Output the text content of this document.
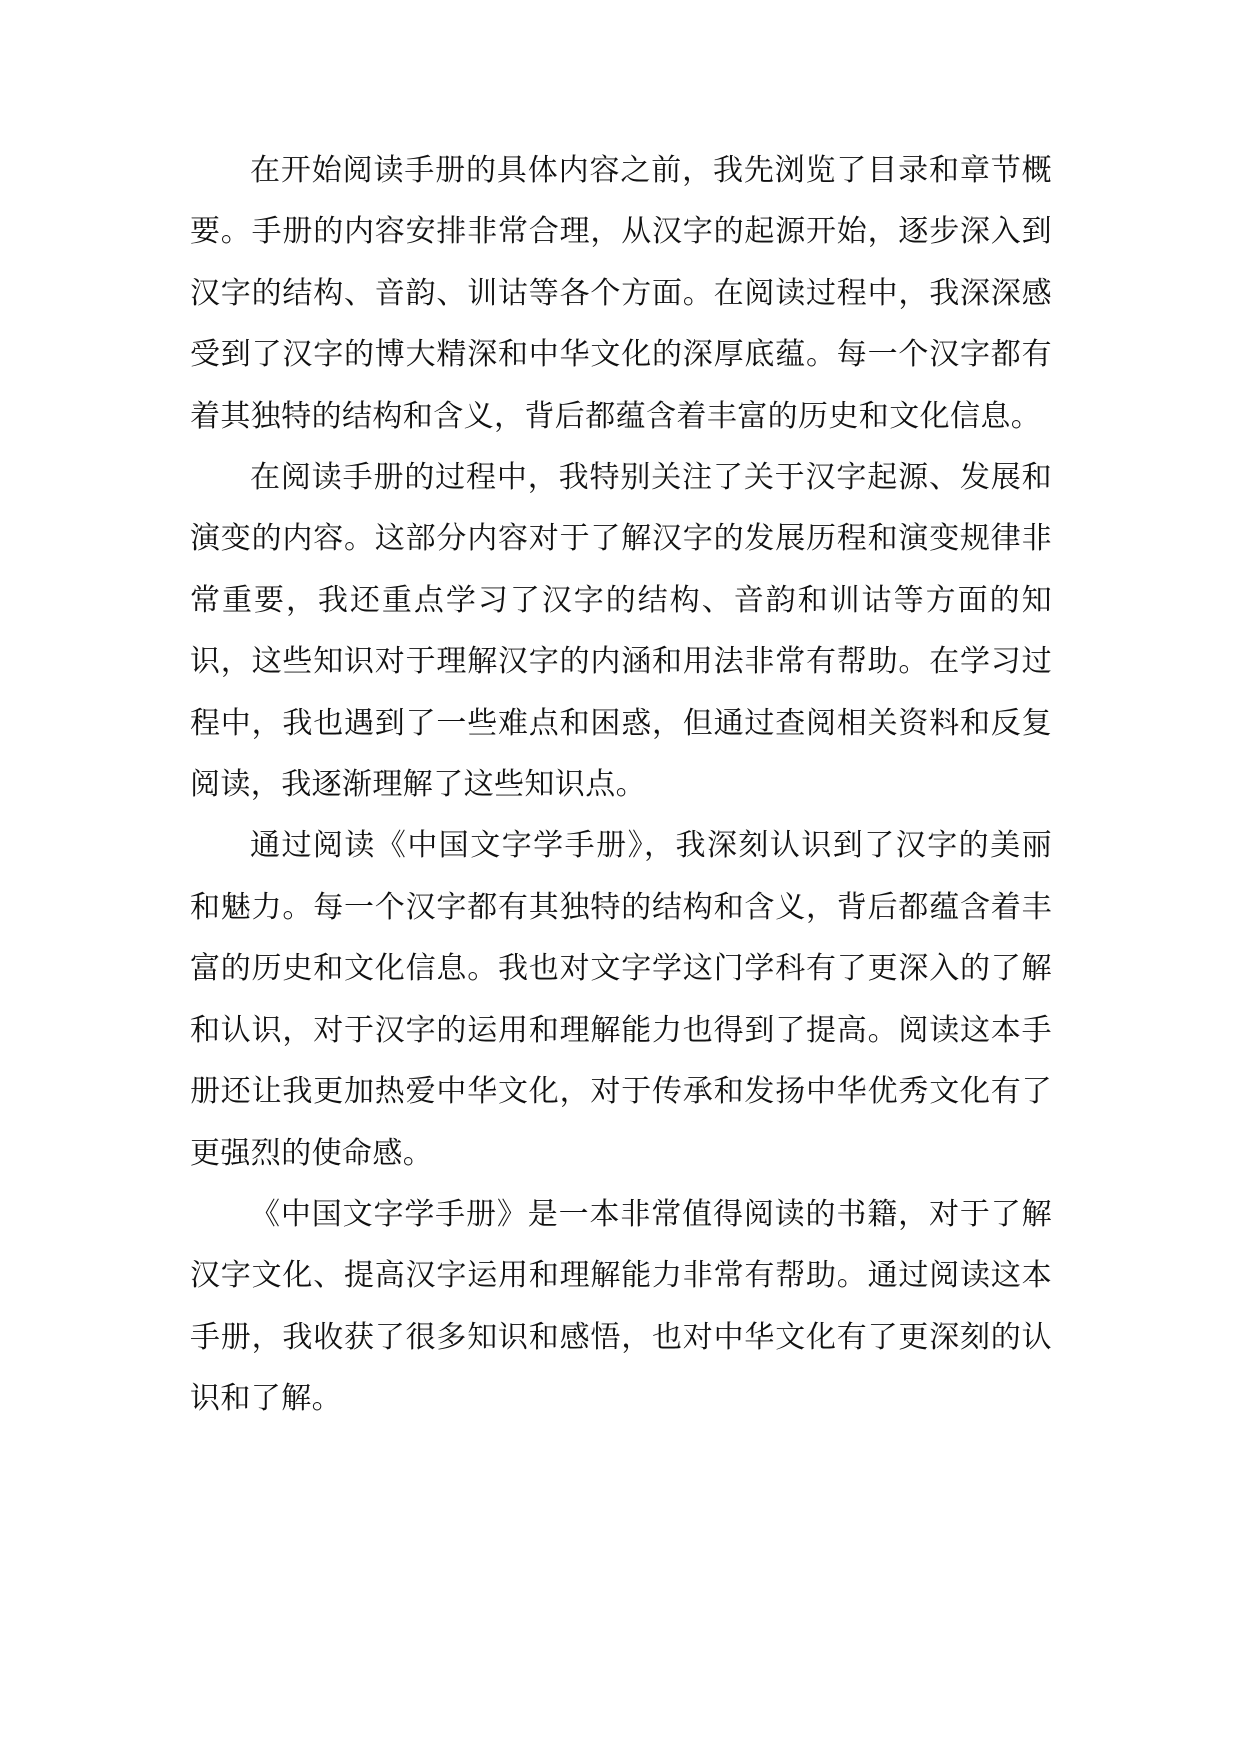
在开始阅读手册的具体内容之前，我先浏览了目录和章节概要。手册的内容安排非常合理，从汉字的起源开始，逐步深入到汉字的结构、音韵、训诂等各个方面。在阅读过程中，我深深感受到了汉字的博大精深和中华文化的深厚底蕴。每一个汉字都有着其独特的结构和含义，背后都蕴含着丰富的历史和文化信息。

在阅读手册的过程中，我特别关注了关于汉字起源、发展和演变的内容。这部分内容对于了解汉字的发展历程和演变规律非常重要，我还重点学习了汉字的结构、音韵和训诂等方面的知识，这些知识对于理解汉字的内涵和用法非常有帮助。在学习过程中，我也遇到了一些难点和困惑，但通过查阅相关资料和反复阅读，我逐渐理解了这些知识点。

通过阅读《中国文字学手册》，我深刻认识到了汉字的美丽和魅力。每一个汉字都有其独特的结构和含义，背后都蕴含着丰富的历史和文化信息。我也对文字学这门学科有了更深入的了解和认识，对于汉字的运用和理解能力也得到了提高。阅读这本手册还让我更加热爱中华文化，对于传承和发扬中华优秀文化有了更强烈的使命感。

《中国文字学手册》是一本非常值得阅读的书籍，对于了解汉字文化、提高汉字运用和理解能力非常有帮助。通过阅读这本手册，我收获了很多知识和感悟，也对中华文化有了更深刻的认识和了解。
